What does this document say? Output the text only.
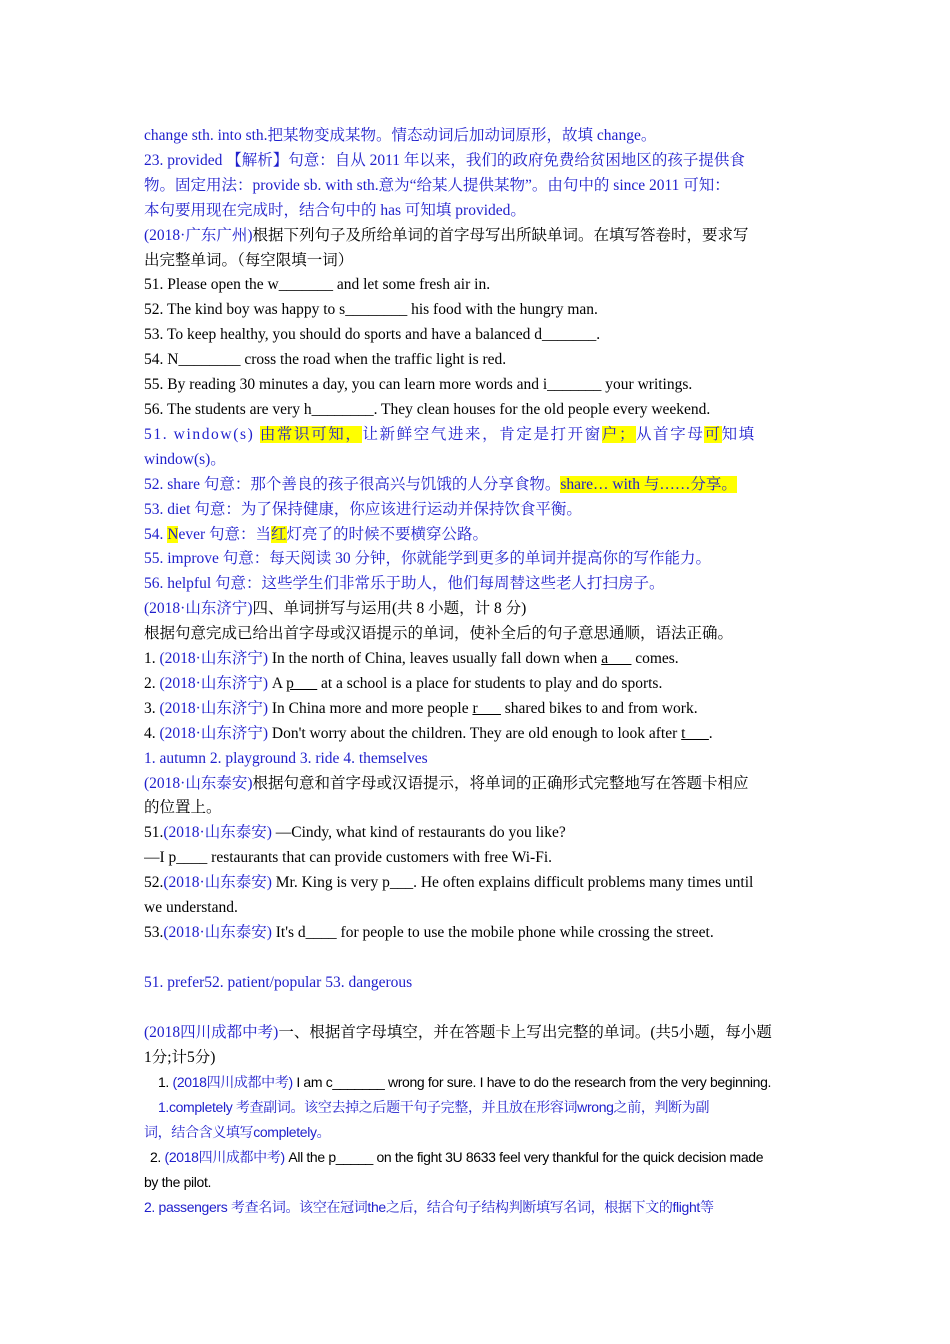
change sth. into sth.把某物变成某物。情态动词后加动词原形，故填 change。
23. provided 【解析】句意：自从 2011 年以来，我们的政府免费给贫困地区的孩子提供食
物。固定用法：provide sb. with sth.意为“给某人提供某物”。由句中的 since 2011 可知：
本句要用现在完成时，结合句中的 has 可知填 provided。
(2018·广东广州)根据下列句子及所给单词的首字母写出所缺单词。在填写答卷时，要求写
出完整单词。（每空限填一词）
51. Please open the w_______ and let some fresh air in.
52. The kind boy was happy to s________ his food with the hungry man.
53. To keep healthy, you should do sports and have a balanced d_______.
54. N________ cross the road when the traffic light is red.
55. By reading 30 minutes a day, you can learn more words and i_______ your writings.
56. The students are very h________. They clean houses for the old people every weekend.
51. window(s) 由常识可知，让新鲜空气进来，肯定是打开窗户；从首字母可知填
window(s)。
52. share 句意：那个善良的孩子很高兴与饥饿的人分享食物。share… with 与……分享。
53. diet 句意：为了保持健康，你应该进行运动并保持饮食平衡。
54. Never 句意：当红灯亮了的时候不要横穿公路。
55. improve 句意：每天阅读 30 分钟，你就能学到更多的单词并提高你的写作能力。
56. helpful 句意：这些学生们非常乐于助人，他们每周替这些老人打扫房子。
(2018·山东济宁)四、单词拼写与运用(共 8 小题，计 8 分)
根据句意完成已给出首字母或汉语提示的单词，使补全后的句子意思通顺，语法正确。
1. (2018·山东济宁) In the north of China, leaves usually fall down when a___ comes.
2. (2018·山东济宁) A p___ at a school is a place for students to play and do sports.
3. (2018·山东济宁) In China more and more people r___ shared bikes to and from work.
4. (2018·山东济宁) Don't worry about the children. They are old enough to look after t___.
1. autumn 2. playground 3. ride 4. themselves
(2018·山东泰安)根据句意和首字母或汉语提示，将单词的正确形式完整地写在答题卡相应
的位置上。
51.(2018·山东泰安) —Cindy, what kind of restaurants do you like?
—I p____ restaurants that can provide customers with free Wi-Fi.
52.(2018·山东泰安) Mr. King is very p___. He often explains difficult problems many times until
we understand.
53.(2018·山东泰安) It's d____ for people to use the mobile phone while crossing the street.
51. prefer52. patient/popular 53. dangerous
(2018四川成都中考)一、根据首字母填空，并在答题卡上写出完整的单词。(共5小题，每小题
1分;计5分)
1. (2018四川成都中考) I am c_______ wrong for sure. I have to do the research from the very beginning.
1.completely 考查副词。该空去掉之后题干句子完整，并且放在形容词wrong之前，判断为副
词，结合含义填写completely。
2. (2018四川成都中考) All the p_____ on the fight 3U 8633 feel very thankful for the quick decision made
by the pilot.
2. passengers 考查名词。该空在冠词the之后，结合句子结构判断填写名词，根据下文的flight等
